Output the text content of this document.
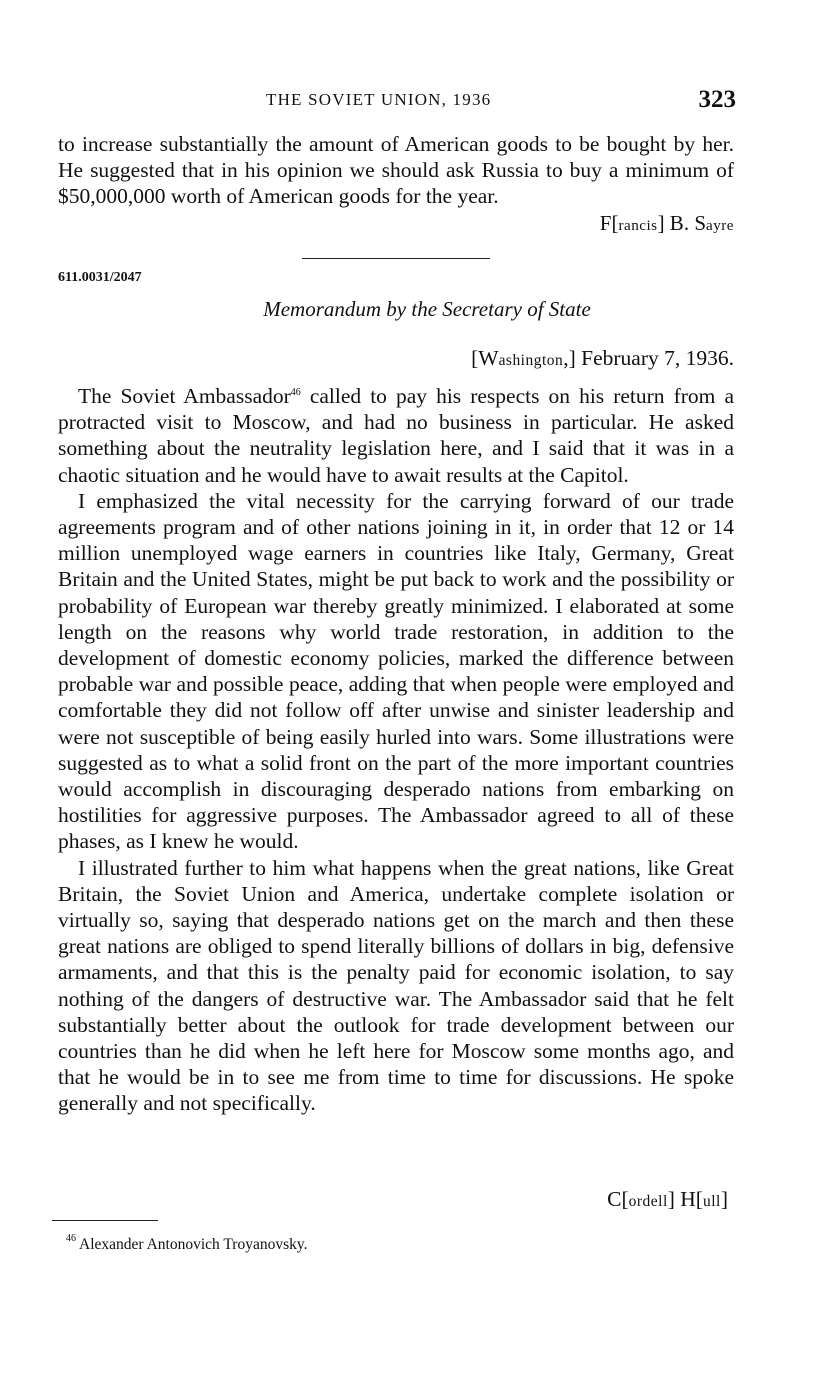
THE SOVIET UNION, 1936	323
to increase substantially the amount of American goods to be bought by her. He suggested that in his opinion we should ask Russia to buy a minimum of $50,000,000 worth of American goods for the year.
F[rancis] B. Sayre
611.0031/2047
Memorandum by the Secretary of State
[Washington,] February 7, 1936.

The Soviet Ambassador$^{46}$ called to pay his respects on his return from a protracted visit to Moscow, and had no business in particular. He asked something about the neutrality legislation here, and I said that it was in a chaotic situation and he would have to await results at the Capitol.

I emphasized the vital necessity for the carrying forward of our trade agreements program and of other nations joining in it, in order that 12 or 14 million unemployed wage earners in countries like Italy, Germany, Great Britain and the United States, might be put back to work and the possibility or probability of European war thereby greatly minimized. I elaborated at some length on the reasons why world trade restoration, in addition to the development of domestic economy policies, marked the difference between probable war and possible peace, adding that when people were employed and comfortable they did not follow off after unwise and sinister leadership and were not susceptible of being easily hurled into wars. Some illustrations were suggested as to what a solid front on the part of the more important countries would accomplish in discouraging desperado nations from embarking on hostilities for aggressive purposes. The Ambassador agreed to all of these phases, as I knew he would.

I illustrated further to him what happens when the great nations, like Great Britain, the Soviet Union and America, undertake complete isolation or virtually so, saying that desperado nations get on the march and then these great nations are obliged to spend literally billions of dollars in big, defensive armaments, and that this is the penalty paid for economic isolation, to say nothing of the dangers of destructive war. The Ambassador said that he felt substantially better about the outlook for trade development between our countries than he did when he left here for Moscow some months ago, and that he would be in to see me from time to time for discussions. He spoke generally and not specifically.

C[ordell] H[ull]
$^{46}$ Alexander Antonovich Troyanovsky.
